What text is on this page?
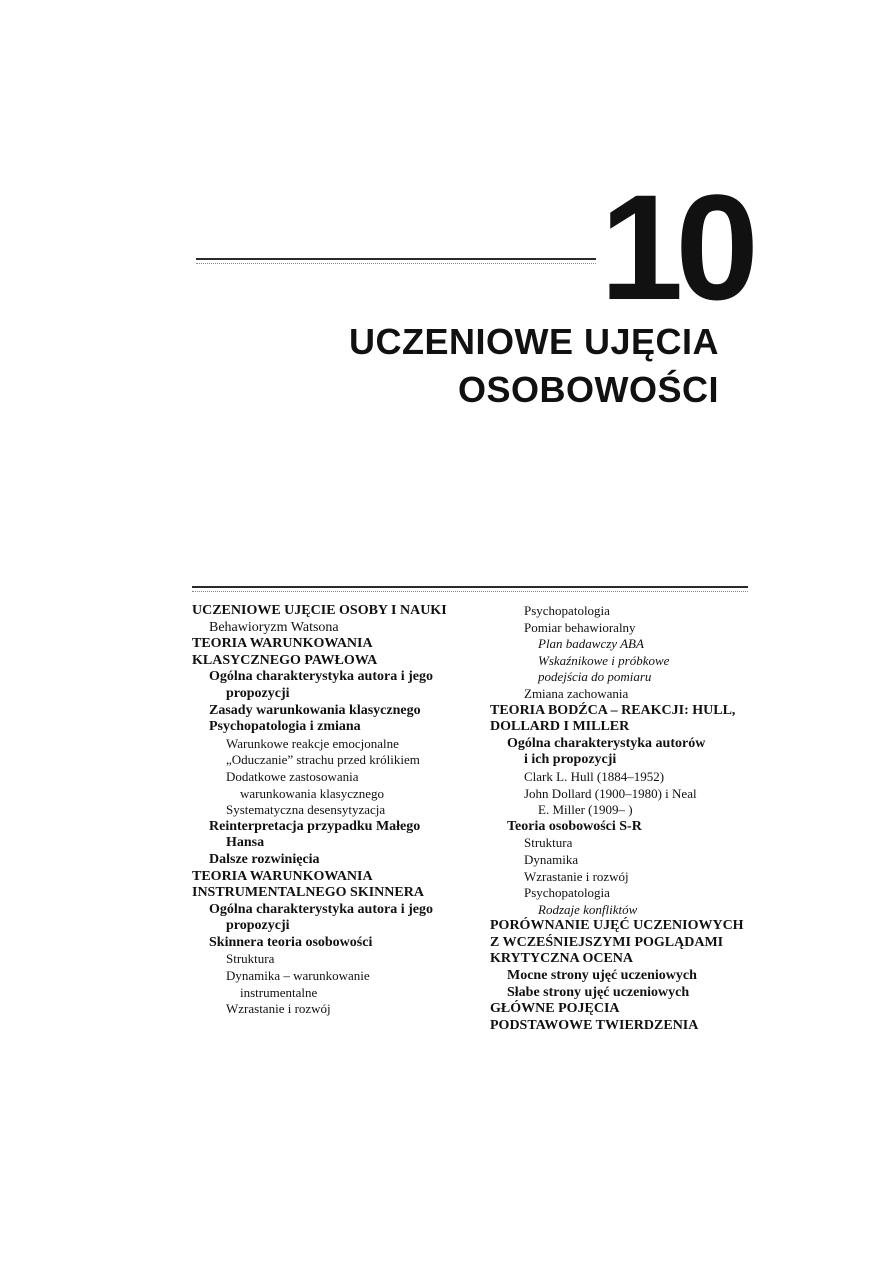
10
UCZENIOWE UJĘCIA
OSOBOWOŚCI
UCZENIOWE UJĘCIE OSOBY I NAUKI
Behawioryzm Watsona
TEORIA WARUNKOWANIA
KLASYCZNEGO PAWŁOWA
Ogólna charakterystyka autora i jego
propozycji
Zasady warunkowania klasycznego
Psychopatologia i zmiana
Warunkowe reakcje emocjonalne
„Oduczanie” strachu przed królikiem
Dodatkowe zastosowania
warunkowania klasycznego
Systematyczna desensytyzacja
Reinterpretacja przypadku Małego
Hansa
Dalsze rozwinięcia
TEORIA WARUNKOWANIA
INSTRUMENTALNEGO SKINNERA
Ogólna charakterystyka autora i jego
propozycji
Skinnera teoria osobowości
Struktura
Dynamika – warunkowanie
instrumentalne
Wzrastanie i rozwój
Psychopatologia
Pomiar behawioralny
Plan badawczy ABA
Wskaźnikowe i próbkowe
podejścia do pomiaru
Zmiana zachowania
TEORIA BODŹCA – REAKCJI: HULL,
DOLLARD I MILLER
Ogólna charakterystyka autorów
i ich propozycji
Clark L. Hull (1884–1952)
John Dollard (1900–1980) i Neal
E. Miller (1909– )
Teoria osobowości S-R
Struktura
Dynamika
Wzrastanie i rozwój
Psychopatologia
Rodzaje konfliktów
PORÓWNANIE UJĘĆ UCZENIOWYCH
Z WCZEŚNIEJSZYMI POGLĄDAMI
KRYTYCZNA OCENA
Mocne strony ujęć uczeniowych
Słabe strony ujęć uczeniowych
GŁÓWNE POJĘCIA
PODSTAWOWE TWIERDZENIA
